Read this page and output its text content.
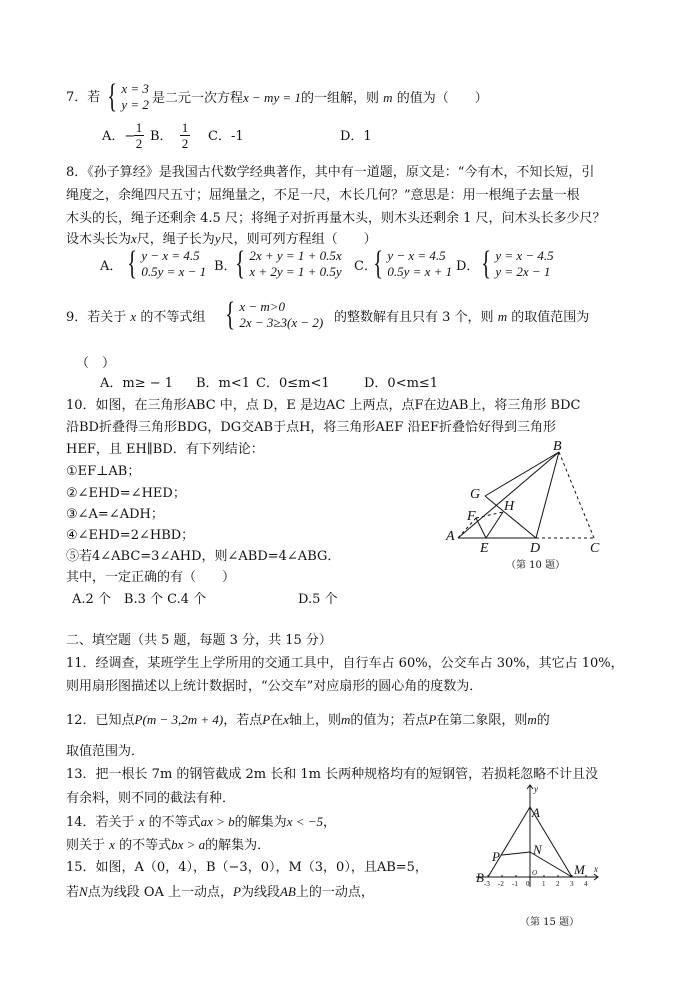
7．若 { x = 3
y = 2 是二元一次方程x − my = 1的一组解，则 m 的值为（　　）
A．−
1
2 B．
1
2 C．-1	D．1
8．《孙子算经》是我国古代数学经典著作，其中有一道题，原文是：“今有木，不知长短，引
绳度之，余绳四尺五寸；屈绳量之，不足一尺，木长几何？”意思是：用一根绳子去量一根
木头的长，绳子还剩余 4.5 尺；将绳子对折再量木头，则木头还剩余 1 尺，问木头长多少尺？
设木头长为x尺，绳子长为y尺，则可列方程组（　　）
A． { y − x = 4.5
0.5y = x − 1 B．
{ 2x + y = 1 + 0.5x
x + 2y = 1 + 0.5y C．
{ y − x = 4.5
0.5y = x + 1 D． { y = x − 4.5
y = 2x − 1
9．若关于 x 的不等式组 { x − m>0
2x − 3≥3(x − 2) 的整数解有且只有 3 个，则 m 的取值范围为
（　）
A．m≥ − 1 B．m<1 C．0≤m<1	D．0<m≤1
10．如图，在三角形ABC 中，点 D，E 是边AC 上两点，点F在边AB上，将三角形 BDC
沿BD折叠得三角形BDG，DG交AB于点H，将三角形AEF 沿EF折叠恰好得到三角形
HEF，且 EH∥BD．有下列结论：
①EF⊥AB；
②∠EHD=∠HED；
③∠A=∠ADH；
④∠EHD=2∠HBD；
⑤若4∠ABC=3∠AHD，则∠ABD=4∠ABG．
其中，一定正确的有（　　）
A.2 个　B.3 个 C.4 个	D.5 个
B
G
H
F
A
E	D	C
（第 10 题）
二、填空题（共 5 题，每题 3 分，共 15 分）
11．经调查，某班学生上学所用的交通工具中，自行车占 60%，公交车占 30%，其它占 10%，
则用扇形图描述以上统计数据时，“公交车”对应扇形的圆心角的度数为．
12．已知点P(m − 3,2m + 4)，若点P在x轴上，则m的值为；若点P在第二象限，则m的
取值范围为．
13．把一根长 7m 的钢管截成 2m 长和 1m 长两种规格均有的短钢管，若损耗忽略不计且没
有余料，则不同的截法有种．
14．若关于 x 的不等式ax > b的解集为x < −5，
则关于 x 的不等式bx > a的解集为．
15．如图，A（0，4），B（−3，0），M（3，0），且AB=5，
若N点为线段 OA 上一动点，P为线段AB上的一动点，
-3 -2 -1 0 1 2 3 4
A
N
P
B
M
y
x
O
（第 15 题）
